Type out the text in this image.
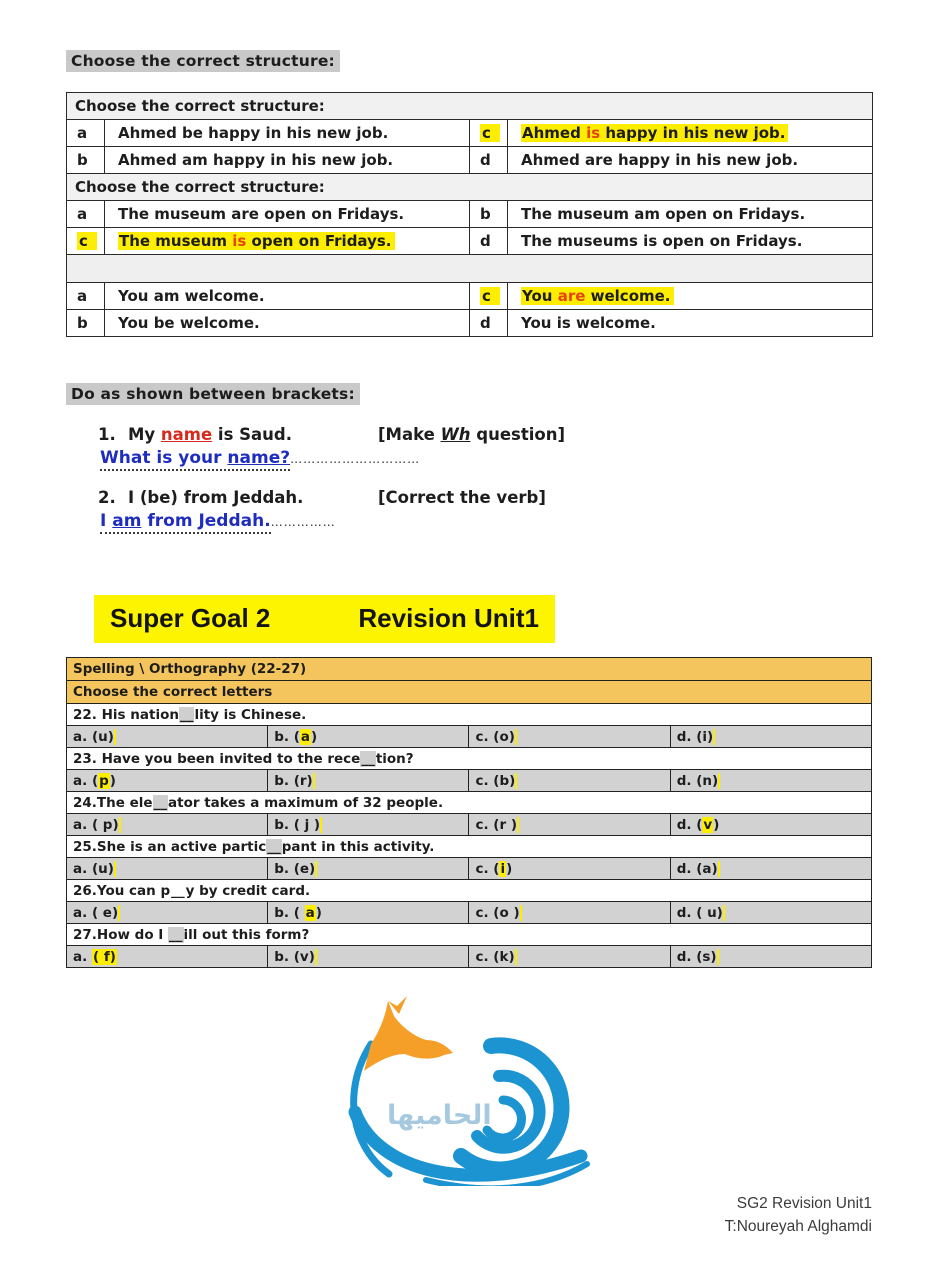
Choose the correct structure:
Choose the correct structure:			
a	Ahmed be happy in his new job.	c	Ahmed is happy in his new job.
b	Ahmed am happy in his new job.	d	Ahmed are happy in his new job.
Choose the correct structure:			
a	The museum are open on Fridays.	b	The museum am open on Fridays.
c	The museum is open on Fridays.	d	The museums is open on Fridays.

a	You am welcome.	c	You are welcome.
b	You be welcome.	d	You is welcome.
Do as shown between brackets:
1. My name is Saud.	[Make Wh question]
What is your name?…………………………
2. I (be) from Jeddah.	[Correct the verb]
I am from Jeddah.……………
Super Goal 2	Revision Unit1
Spelling \ Orthography (22-27)			
Choose the correct letters			
22. His nation__lity is Chinese.			
a. (u)	b. (a)	c. (o)	d. (i)
23. Have you been invited to the rece__tion?			
a. (p)	b. (r)	c. (b)	d. (n)
24.The ele__ator takes a maximum of 32 people.			
a. ( p)	b. ( j )	c. (r )	d. (v)
25.She is an active partic__pant in this activity.			
a. (u)	b. (e)	c. (i)	d. (a)
26.You can p__y by credit card.			
a. ( e)	b. ( a)	c. (o )	d. ( u)
27.How do I __ill out this form?			
a. ( f)	b. (v)	c. (k)	d. (s)
الحاميها
SG2 Revision Unit1
T:Noureyah Alghamdi
